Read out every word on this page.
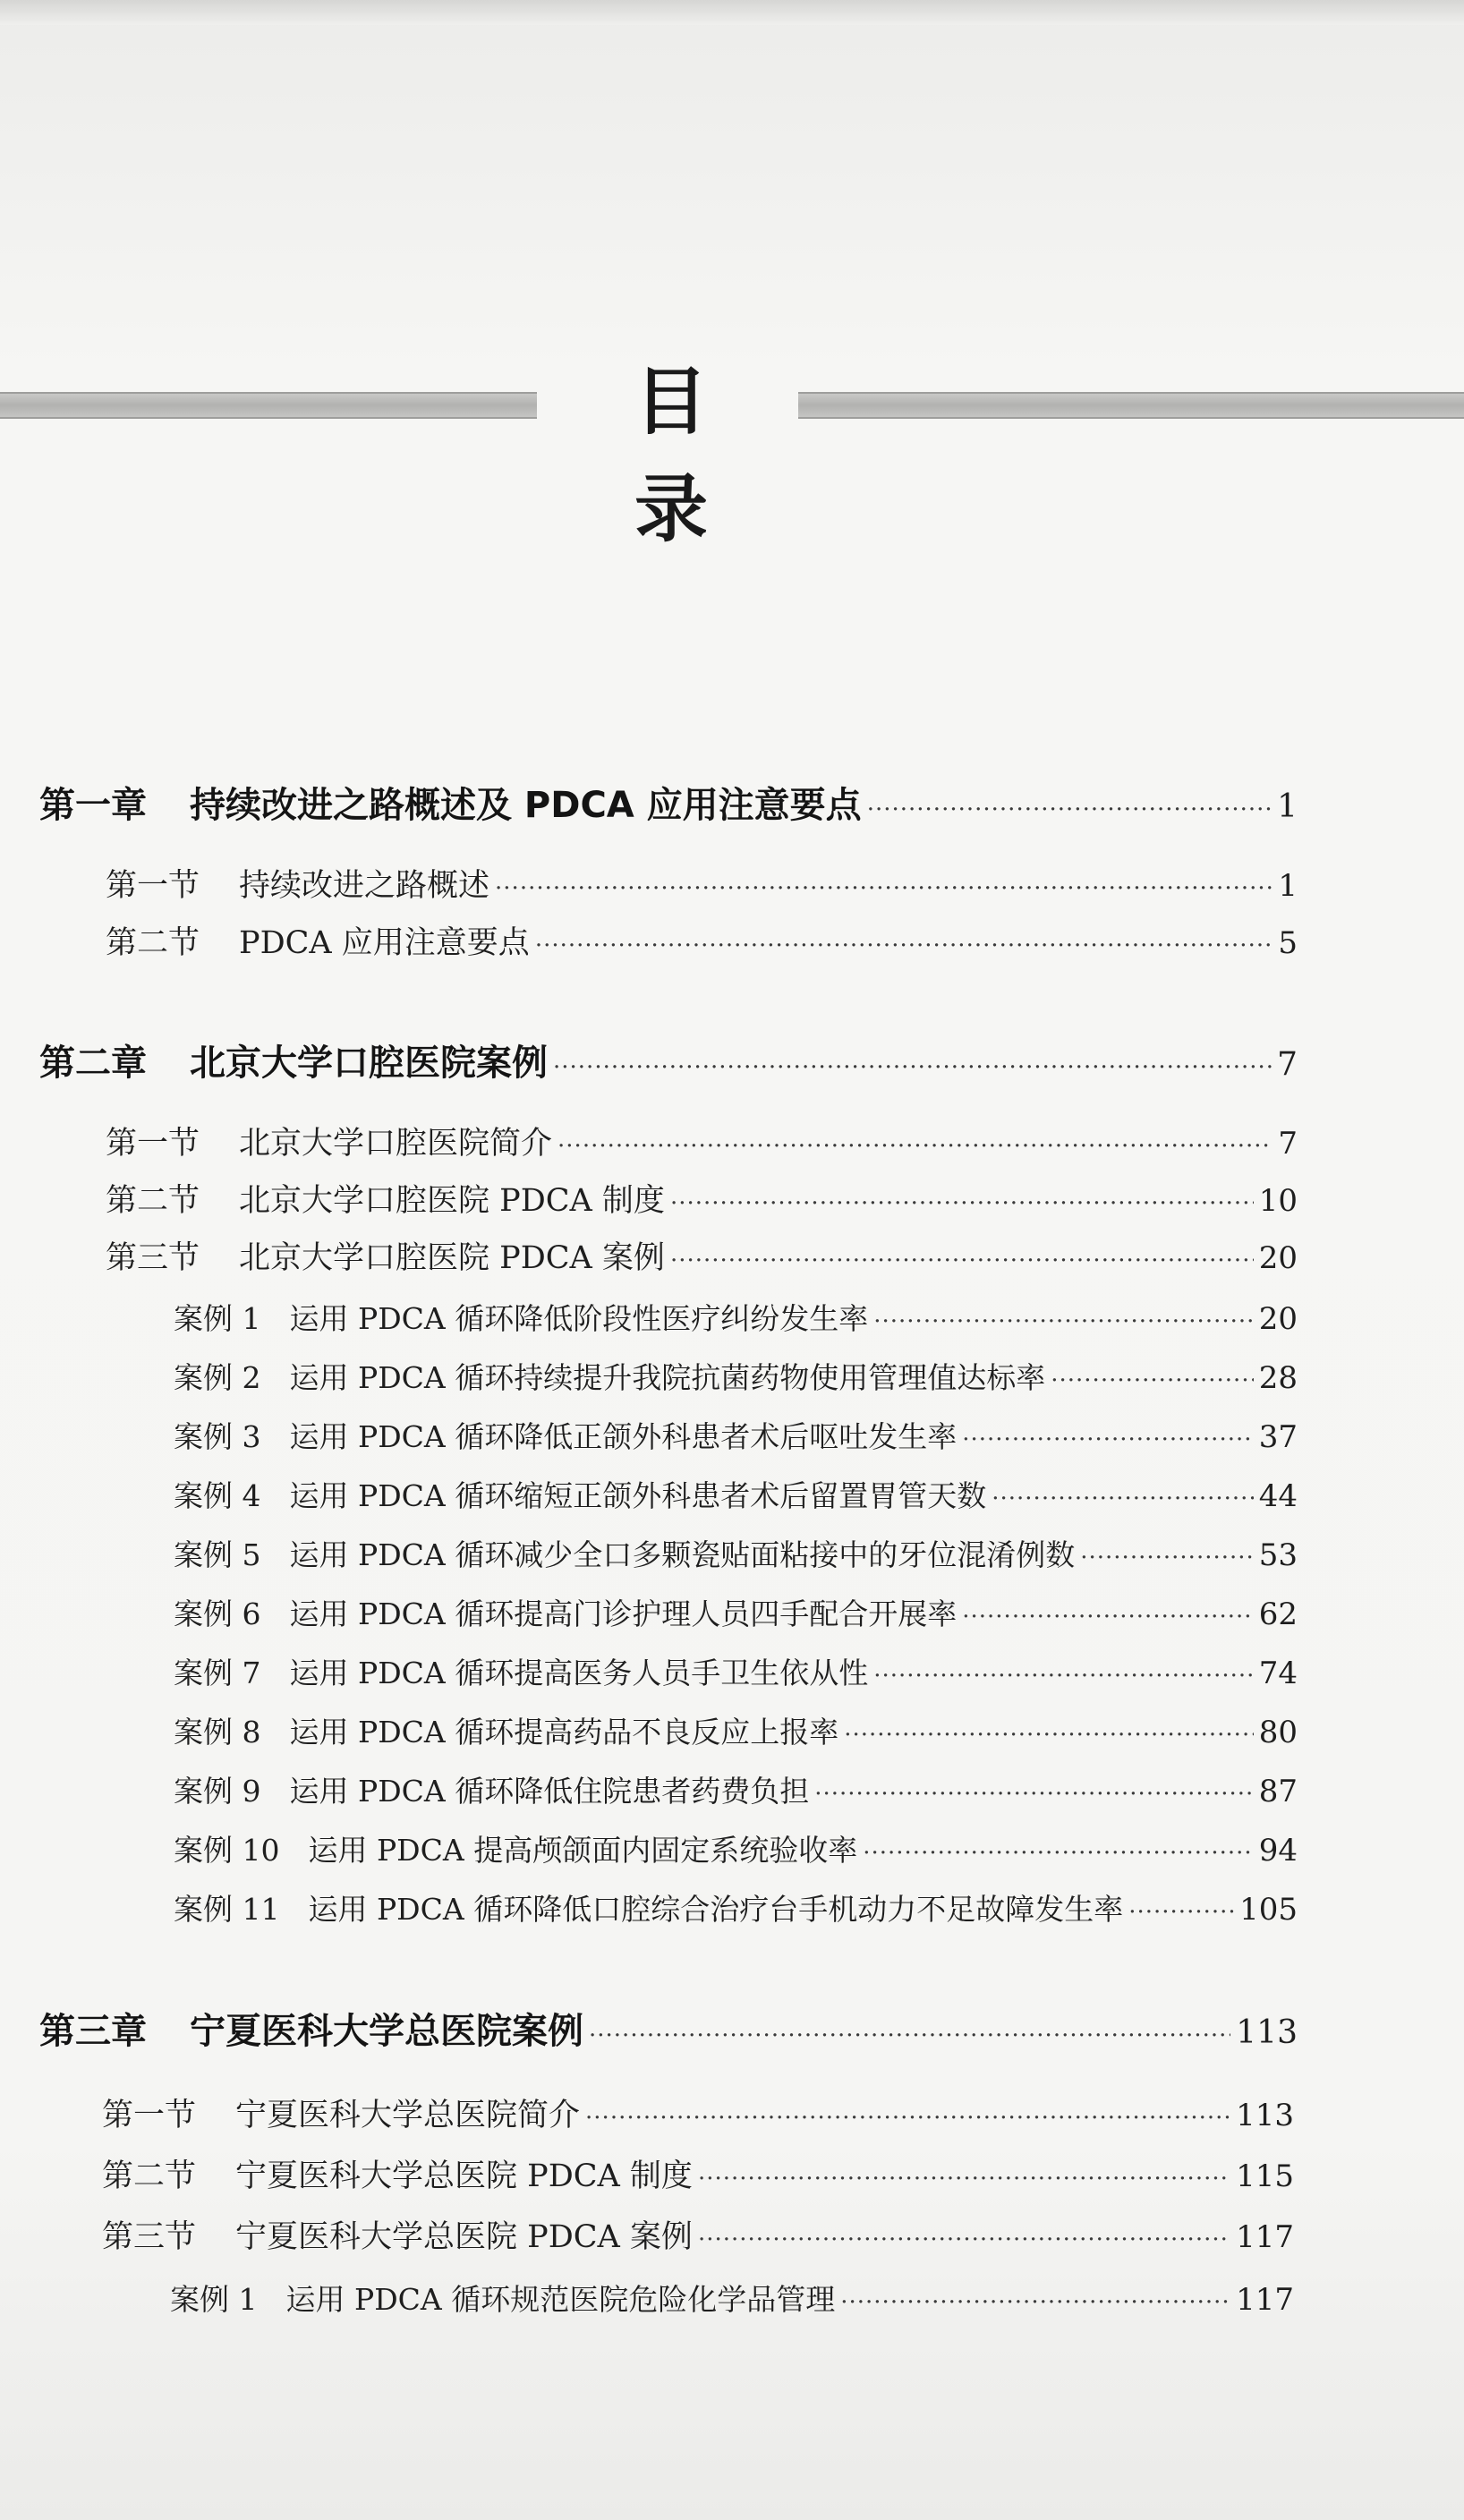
目 录
第一章 持续改进之路概述及 PDCA 应用注意要点 ·····	1
第一节 持续改进之路概述 ·····	1
第二节 PDCA 应用注意要点 ·····	5
第二章 北京大学口腔医院案例 ·····	7
第一节 北京大学口腔医院简介 ·····	7
第二节 北京大学口腔医院 PDCA 制度 ·····	10
第三节 北京大学口腔医院 PDCA 案例 ·····	20
案例 1 运用 PDCA 循环降低阶段性医疗纠纷发生率 ·····	20
案例 2 运用 PDCA 循环持续提升我院抗菌药物使用管理值达标率 ·····	28
案例 3 运用 PDCA 循环降低正颌外科患者术后呕吐发生率 ·····	37
案例 4 运用 PDCA 循环缩短正颌外科患者术后留置胃管天数 ·····	44
案例 5 运用 PDCA 循环减少全口多颗瓷贴面粘接中的牙位混淆例数 ·····	53
案例 6 运用 PDCA 循环提高门诊护理人员四手配合开展率 ·····	62
案例 7 运用 PDCA 循环提高医务人员手卫生依从性 ·····	74
案例 8 运用 PDCA 循环提高药品不良反应上报率 ·····	80
案例 9 运用 PDCA 循环降低住院患者药费负担 ·····	87
案例 10 运用 PDCA 提高颅颌面内固定系统验收率 ·····	94
案例 11 运用 PDCA 循环降低口腔综合治疗台手机动力不足故障发生率 ·····	105
第三章 宁夏医科大学总医院案例 ·····	113
第一节 宁夏医科大学总医院简介 ·····	113
第二节 宁夏医科大学总医院 PDCA 制度 ·····	115
第三节 宁夏医科大学总医院 PDCA 案例 ·····	117
案例 1 运用 PDCA 循环规范医院危险化学品管理 ·····	117
